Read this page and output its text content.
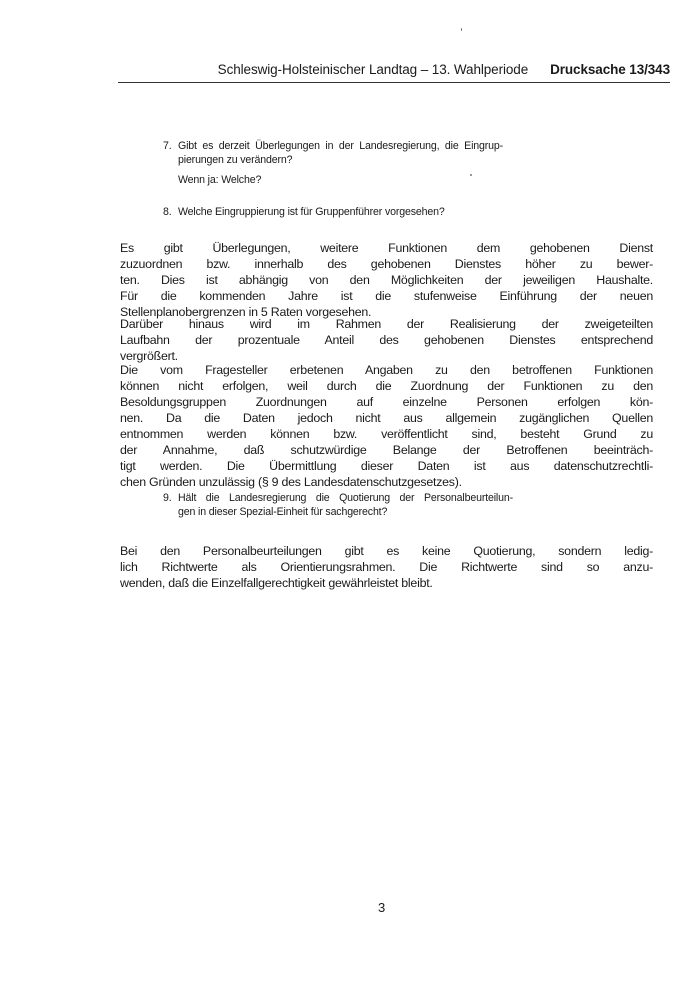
Schleswig-Holsteinischer Landtag – 13. Wahlperiode Drucksache 13/343
7. Gibt es derzeit Überlegungen in der Landesregierung, die Eingrup-
pierungen zu verändern?
Wenn ja: Welche?
8. Welche Eingruppierung ist für Gruppenführer vorgesehen?
Es gibt Überlegungen, weitere Funktionen dem gehobenen Dienst
zuzuordnen bzw. innerhalb des gehobenen Dienstes höher zu bewer-
ten. Dies ist abhängig von den Möglichkeiten der jeweiligen Haushalte.
Für die kommenden Jahre ist die stufenweise Einführung der neuen
Stellenplanobergrenzen in 5 Raten vorgesehen.
Darüber hinaus wird im Rahmen der Realisierung der zweigeteilten
Laufbahn der prozentuale Anteil des gehobenen Dienstes entsprechend
vergrößert.
Die vom Fragesteller erbetenen Angaben zu den betroffenen Funktionen
können nicht erfolgen, weil durch die Zuordnung der Funktionen zu den
Besoldungsgruppen Zuordnungen auf einzelne Personen erfolgen kön-
nen. Da die Daten jedoch nicht aus allgemein zugänglichen Quellen
entnommen werden können bzw. veröffentlicht sind, besteht Grund zu
der Annahme, daß schutzwürdige Belange der Betroffenen beeinträch-
tigt werden. Die Übermittlung dieser Daten ist aus datenschutzrechtli-
chen Gründen unzulässig (§ 9 des Landesdatenschutzgesetzes).
9. Hält die Landesregierung die Quotierung der Personalbeurteilun-
gen in dieser Spezial-Einheit für sachgerecht?
Bei den Personalbeurteilungen gibt es keine Quotierung, sondern ledig-
lich Richtwerte als Orientierungsrahmen. Die Richtwerte sind so anzu-
wenden, daß die Einzelfallgerechtigkeit gewährleistet bleibt.
3
